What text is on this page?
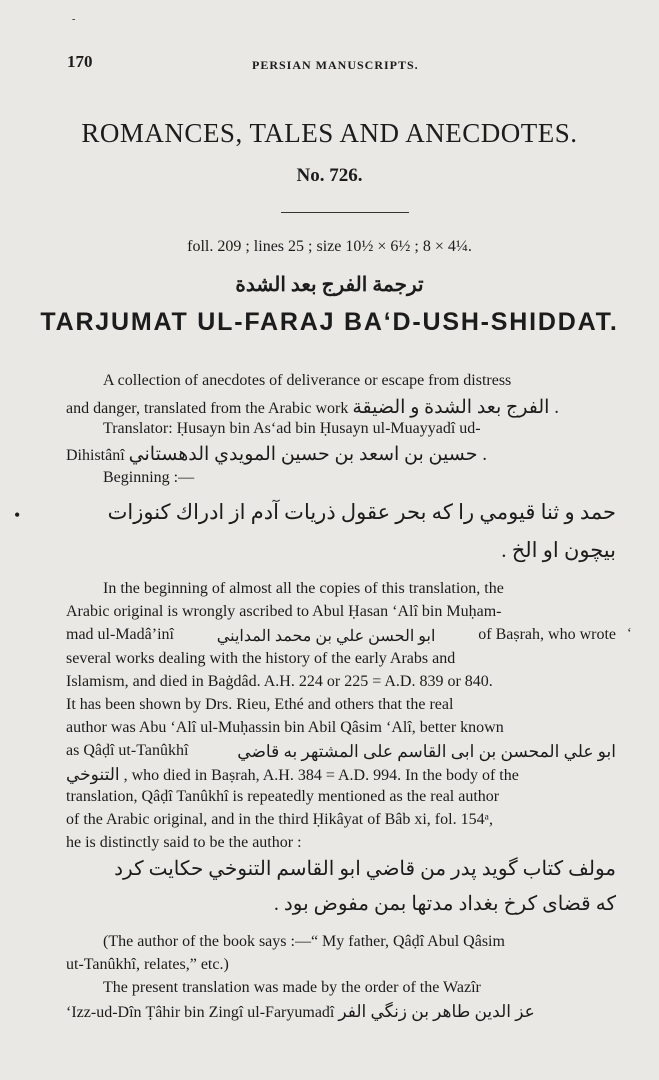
-
170	PERSIAN MANUSCRIPTS.
ROMANCES, TALES AND ANECDOTES.
No. 726.
foll. 209 ; lines 25 ; size 10½ × 6½ ; 8 × 4¼.
ترجمة الفرج بعد الشدة
TARJUMAT UL-FARAJ BA‘D-USH-SHIDDAT.
A collection of anecdotes of deliverance or escape from distress
and danger, translated from the Arabic work الفرج بعد الشدة و الضيقة .
Translator: Ḥusayn bin As‘ad bin Ḥusayn ul-Muayyadî ud-
Dihistânî حسين بن اسعد بن حسين المويدي الدهستاني .
Beginning :—
•	حمد و ثنا قيومي را كه بحر عقول ذريات آدم از ادراك كنوزات
بيچون او الخ .
In the beginning of almost all the copies of this translation, the
Arabic original is wrongly ascribed to Abul Ḥasan ‘Alî bin Muḥam-
mad ul-Madâ’inî	ابو الحسن علي بن محمد المدايني	of Baṣrah, who wrote ʻ
several works dealing with the history of the early Arabs and
Islamism, and died in Baġdâd. A.H. 224 or 225 = A.D. 839 or 840.
It has been shown by Drs. Rieu, Ethé and others that the real
author was Abu ‘Alî ul-Muḥassin bin Abil Qâsim ‘Alî, better known
as Qâḍî ut-Tanûkhî	ابو علي المحسن بن ابى القاسم على المشتهر به قاضي
التنوخي , who died in Baṣrah, A.H. 384 = A.D. 994. In the body of the
translation, Qâḍî Tanûkhî is repeatedly mentioned as the real author
of the Arabic original, and in the third Ḥikâyat of Bâb xi, fol. 154ᵃ,
he is distinctly said to be the author :
مولف كتاب گويد پدر من قاضي ابو القاسم التنوخي حكايت كرد
كه قضاى كرخ بغداد مدتها بمن مفوض بود .
(The author of the book says :—“ My father, Qâḍî Abul Qâsim
ut-Tanûkhî, relates,” etc.)
The present translation was made by the order of the Wazîr
‘Izz-ud-Dîn Ṭâhir bin Zingî ul-Faryumadî عز الدين طاهر بن زنگي الفر
